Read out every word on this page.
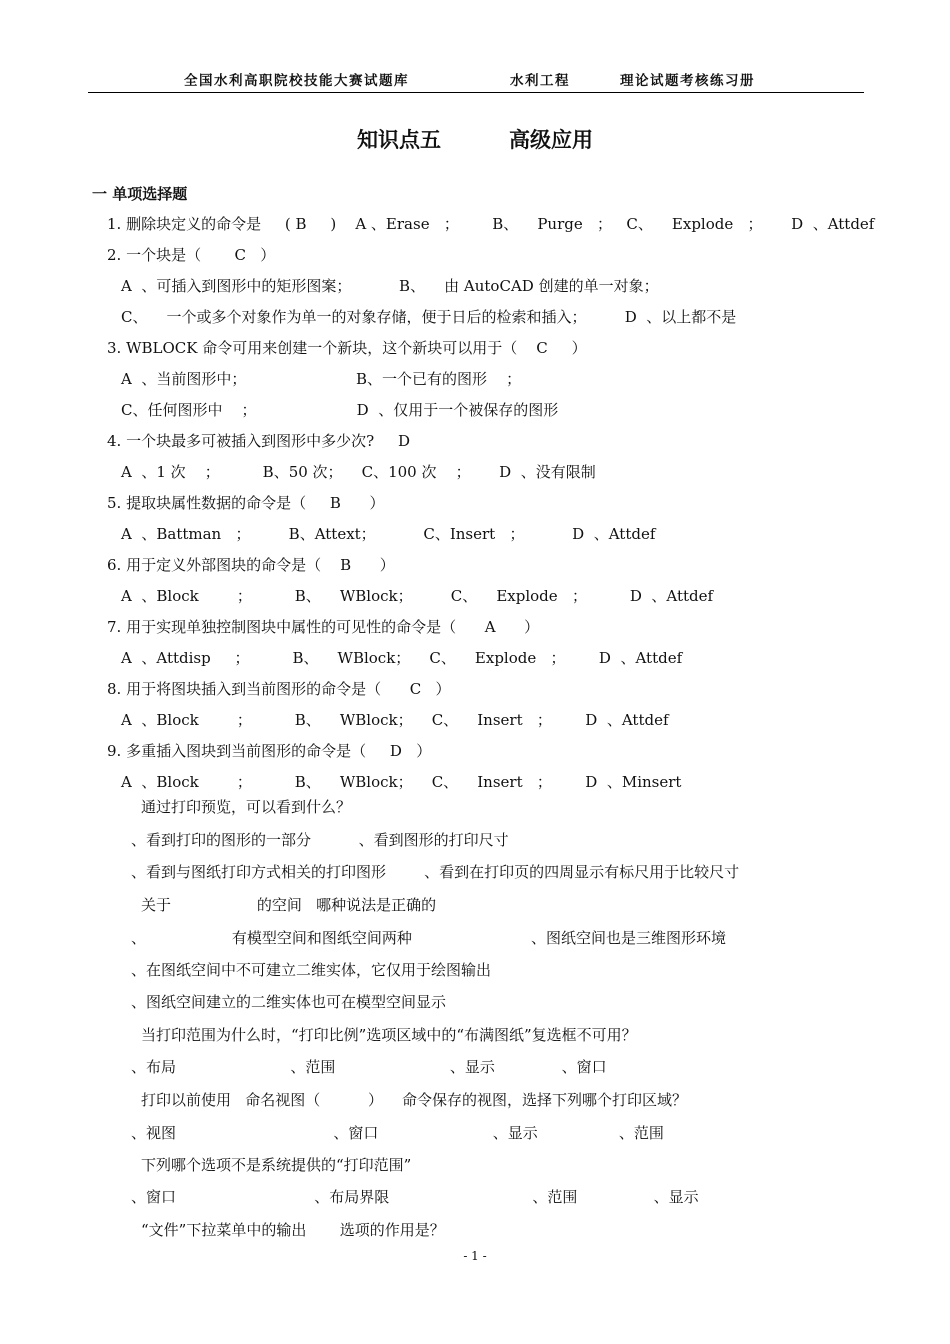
全国水利高职院校技能大赛试题库	水利工程	理论试题考核练习册
知识点五	高级应用
一 单项选择题
1. 删除块定义的命令是     ( B     )    A 、Erase   ；       B、    Purge   ；   C、    Explode   ；      D  、Attdef
2. 一个块是（       C   ）
A  、可插入到图形中的矩形图案；          B、    由 AutoCAD 创建的单一对象；
C、    一个或多个对象作为单一的对象存储，便于日后的检索和插入；        D  、以上都不是
3. WBLOCK 命令可用来创建一个新块，这个新块可以用于（    C     ）
A  、当前图形中；                       B、一个已有的图形    ；
C、任何图形中    ；                     D  、仅用于一个被保存的图形
4. 一个块最多可被插入到图形中多少次?     D
A  、1 次    ；         B、50 次；    C、100 次    ；      D  、没有限制
5. 提取块属性数据的命令是（     B      ）
A  、Battman   ；        B、Attext；          C、Insert   ；          D  、Attdef
6. 用于定义外部图块的命令是（    B      ）
A  、Block        ；         B、    WBlock；        C、    Explode   ；         D  、Attdef
7. 用于实现单独控制图块中属性的可见性的命令是（      A      ）
A  、Attdisp     ；         B、    WBlock；    C、    Explode   ；       D  、Attdef
8. 用于将图块插入到当前图形的命令是（      C   ）
A  、Block        ；         B、    WBlock；    C、    Insert   ；       D  、Attdef
9. 多重插入图块到当前图形的命令是（     D   ）
A  、Block        ；         B、    WBlock；    C、    Insert   ；       D  、Minsert
通过打印预览，可以看到什么？
、看到打印的图形的一部分          、看到图形的打印尺寸
、看到与图纸打印方式相关的打印图形        、看到在打印页的四周显示有标尺用于比较尺寸
关于                  的空间   哪种说法是正确的
、                  有模型空间和图纸空间两种                         、图纸空间也是三维图形环境
、在图纸空间中不可建立二维实体，它仅用于绘图输出
、图纸空间建立的二维实体也可在模型空间显示
当打印范围为什么时，“打印比例”选项区域中的“布满图纸”复选框不可用？
、布局                        、范围                        、显示              、窗口
打印以前使用   命名视图（          ）    命令保存的视图，选择下列哪个打印区域？
、视图                                 、窗口                        、显示                 、范围
下列哪个选项不是系统提供的“打印范围”
、窗口                             、布局界限                              、范围                、显示
“文件”下拉菜单中的输出       选项的作用是？
- 1 -
